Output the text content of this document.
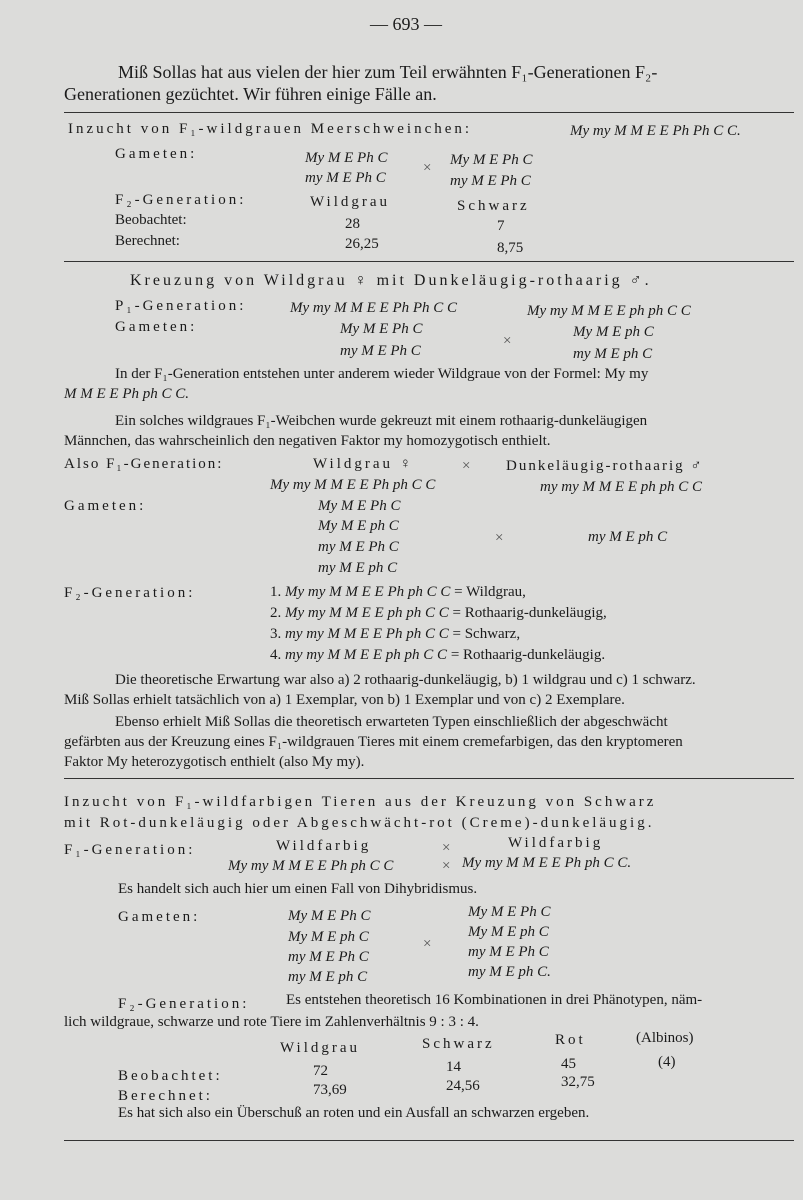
— 693 —
Miß Sollas hat aus vielen der hier zum Teil erwähnten F₁-Generationen F₂-
Generationen gezüchtet. Wir führen einige Fälle an.
Inzucht von F₁-wildgrauen Meerschweinchen:	My my M M E E Ph Ph C C.
Gameten:	My M E Ph C
my M E Ph C
× My M E Ph C
my M E Ph C
F₂-Generation:	Wildgrau	Schwarz
Beobachtet:	28	7
Berechnet:	26,25	8,75
Kreuzung von Wildgrau ♀ mit Dunkeläugig-rothaarig ♂.
P₁-Generation:	My my M M E E Ph Ph C C	My my M M E E ph ph C C
Gameten:	My M E Ph C
my M E Ph C
×
My M E ph C
my M E ph C
In der F₁-Generation entstehen unter anderem wieder Wildgraue von der Formel: My my
M M E E Ph ph C C.
Ein solches wildgraues F₁-Weibchen wurde gekreuzt mit einem rothaarig-dunkeläugigen
Männchen, das wahrscheinlich den negativen Faktor my homozygotisch enthielt.
Also F₁-Generation:	Wildgrau ♀	× Dunkeläugig-rothaarig ♂
My my M M E E Ph ph C C	my my M M E E ph ph C C
Gameten:	My M E Ph C
My M E ph C
my M E Ph C
my M E ph C
×	my M E ph C
F₂-Generation:	1. My my M M E E Ph ph C C = Wildgrau,
2. My my M M E E ph ph C C = Rothaarig-dunkeläugig,
3. my my M M E E Ph ph C C = Schwarz,
4. my my M M E E ph ph C C = Rothaarig-dunkeläugig.
Die theoretische Erwartung war also a) 2 rothaarig-dunkeläugig, b) 1 wildgrau und c) 1 schwarz.
Miß Sollas erhielt tatsächlich von a) 1 Exemplar, von b) 1 Exemplar und von c) 2 Exemplare.
Ebenso erhielt Miß Sollas die theoretisch erwarteten Typen einschließlich der abgeschwächt
gefärbten aus der Kreuzung eines F₁-wildgrauen Tieres mit einem cremefarbigen, das den kryptomeren
Faktor My heterozygotisch enthielt (also My my).
Inzucht von F₁-wildfarbigen Tieren aus der Kreuzung von Schwarz
mit Rot-dunkeläugig oder Abgeschwächt-rot (Creme)-dunkeläugig.
Wildfarbig	×	Wildfarbig
F₁-Generation:
My my M M E E Ph ph C C	× My my M M E E Ph ph C C.
Es handelt sich auch hier um einen Fall von Dihybridismus.
Gameten:	My M E Ph C
My M E ph C
my M E Ph C
my M E ph C
×
My M E Ph C
My M E ph C
my M E Ph C
my M E ph C.
F₂-Generation: Es entstehen theoretisch 16 Kombinationen in drei Phänotypen, näm-
lich wildgraue, schwarze und rote Tiere im Zahlenverhältnis 9 : 3 : 4.
Wildgrau	Schwarz	Rot	(Albinos)
Beobachtet:	72	14	45	(4)
Berechnet:	73,69	24,56	32,75
Es hat sich also ein Überschuß an roten und ein Ausfall an schwarzen ergeben.
